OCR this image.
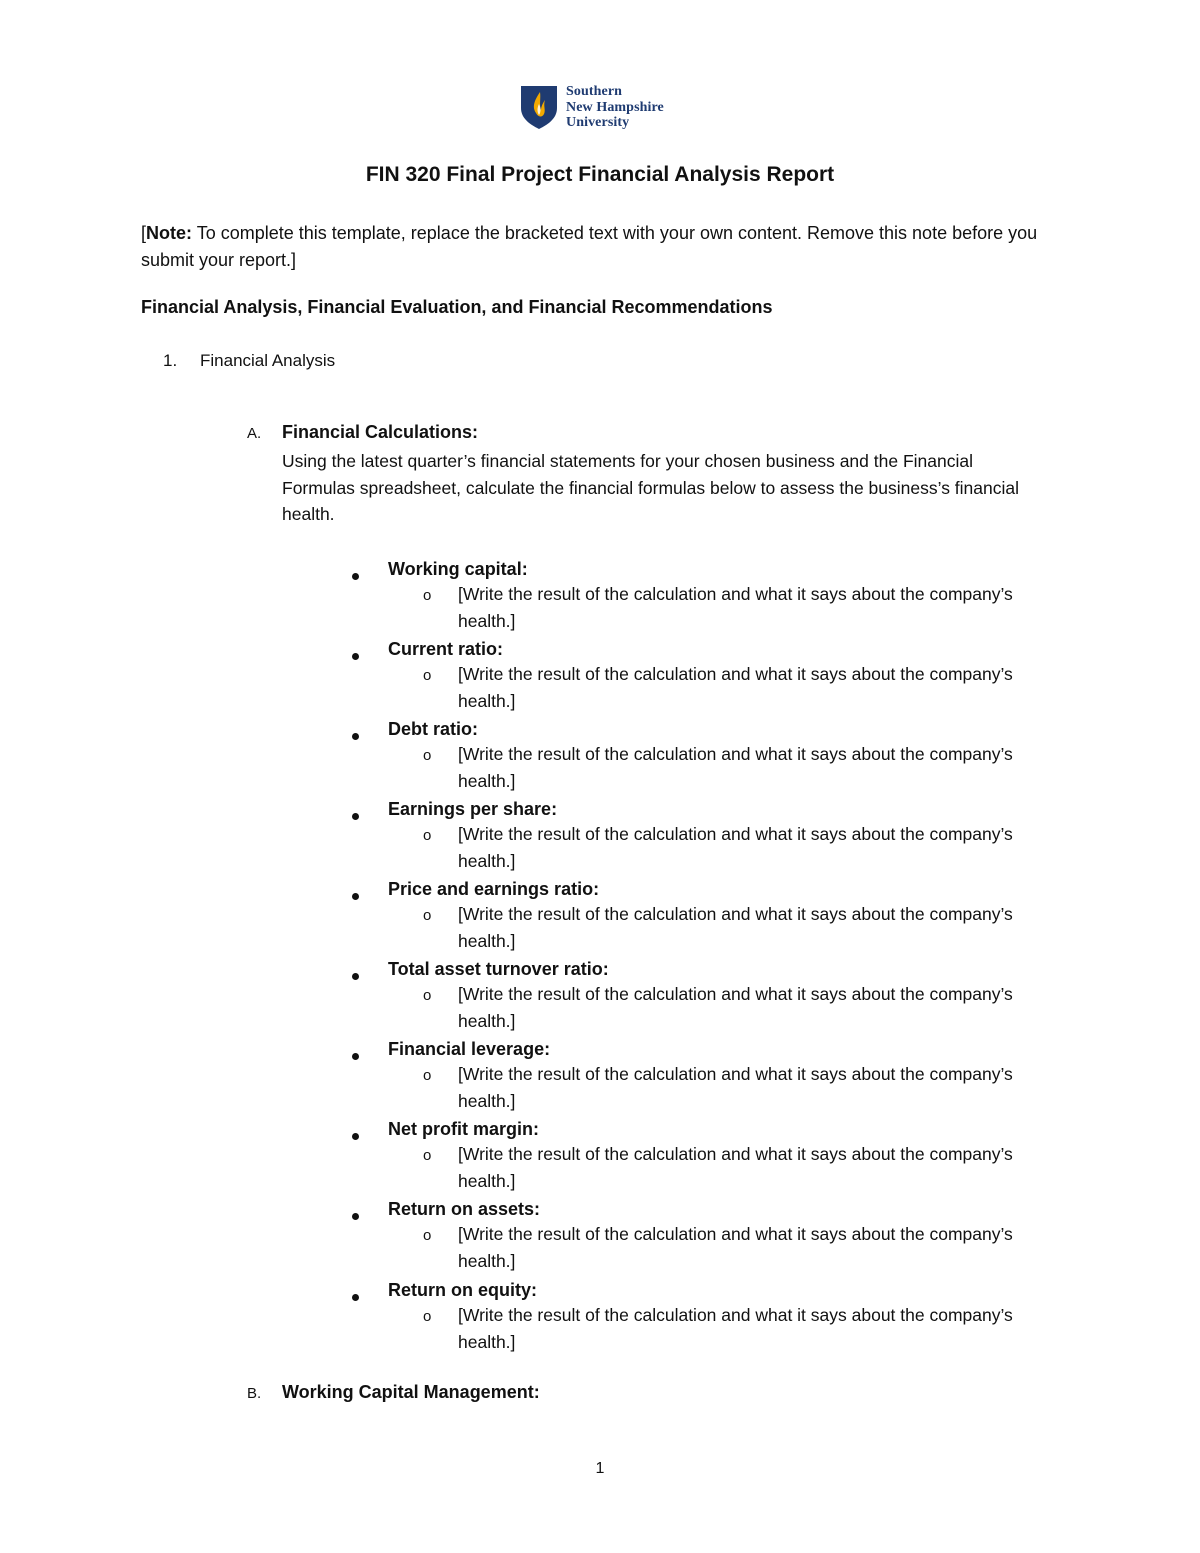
Southern
New Hampshire
University
FIN 320 Final Project Financial Analysis Report
[Note: To complete this template, replace the bracketed text with your own content. Remove this note before you submit your report.]
Financial Analysis, Financial Evaluation, and Financial Recommendations
1. Financial Analysis
A. Financial Calculations:
Using the latest quarter’s financial statements for your chosen business and the Financial Formulas spreadsheet, calculate the financial formulas below to assess the business’s financial health.
Working capital:
o [Write the result of the calculation and what it says about the company’s health.]
Current ratio:
o [Write the result of the calculation and what it says about the company’s health.]
Debt ratio:
o [Write the result of the calculation and what it says about the company’s health.]
Earnings per share:
o [Write the result of the calculation and what it says about the company’s health.]
Price and earnings ratio:
o [Write the result of the calculation and what it says about the company’s health.]
Total asset turnover ratio:
o [Write the result of the calculation and what it says about the company’s health.]
Financial leverage:
o [Write the result of the calculation and what it says about the company’s health.]
Net profit margin:
o [Write the result of the calculation and what it says about the company’s health.]
Return on assets:
o [Write the result of the calculation and what it says about the company’s health.]
Return on equity:
o [Write the result of the calculation and what it says about the company’s health.]
B. Working Capital Management:
1
